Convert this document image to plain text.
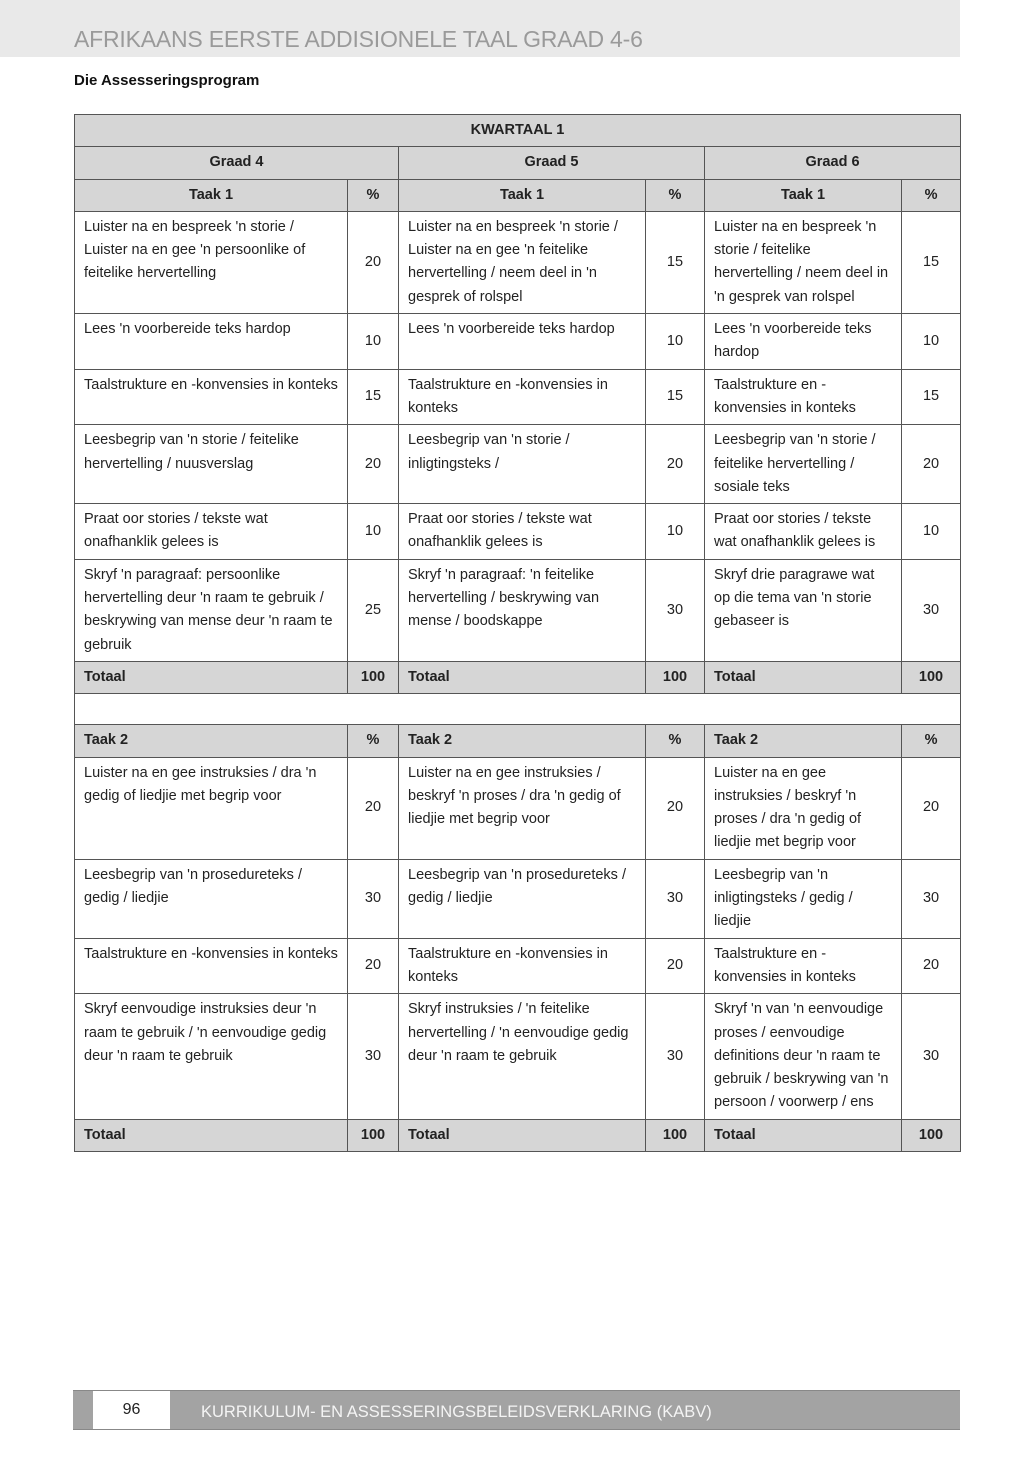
AFRIKAANS EERSTE ADDISIONELE TAAL GRAAD 4-6
Die Assesseringsprogram
KWARTAAL 1					
Graad 4		Graad 5		Graad 6	
Taak 1	%	Taak 1	%	Taak 1	%
Luister na en bespreek 'n storie / Luister na en gee 'n persoonlike of feitelike hervertelling	20	Luister na en bespreek 'n storie / Luister na en gee 'n feitelike hervertelling / neem deel in 'n gesprek of rolspel	15	Luister na en bespreek 'n storie / feitelike hervertelling / neem deel in 'n gesprek van rolspel	15
Lees 'n voorbereide teks hardop	10	Lees 'n voorbereide teks hardop	10	Lees 'n voorbereide teks hardop	10
Taalstrukture en -konvensies in konteks	15	Taalstrukture en -konvensies in konteks	15	Taalstrukture en -konvensies in konteks	15
Leesbegrip van 'n storie / feitelike hervertelling / nuusverslag	20	Leesbegrip van 'n storie / inligtingsteks /	20	Leesbegrip van 'n storie / feitelike hervertelling / sosiale teks	20
Praat oor stories / tekste wat onafhanklik gelees is	10	Praat oor stories / tekste wat onafhanklik gelees is	10	Praat oor stories / tekste wat onafhanklik gelees is	10
Skryf 'n paragraaf: persoonlike hervertelling deur 'n raam te gebruik / beskrywing van mense deur 'n raam te gebruik	25	Skryf 'n paragraaf: 'n feitelike hervertelling / beskrywing van mense / boodskappe	30	Skryf drie paragrawe wat op die tema van 'n storie gebaseer is	30
Totaal	100	Totaal	100	Totaal	100

Taak 2	%	Taak 2	%	Taak 2	%
Luister na en gee instruksies / dra 'n gedig of liedjie met begrip voor	20	Luister na en gee instruksies / beskryf 'n proses / dra 'n gedig of liedjie met begrip voor	20	Luister na en gee instruksies / beskryf 'n proses / dra 'n gedig of liedjie met begrip voor	20
Leesbegrip van 'n prosedureteks / gedig / liedjie	30	Leesbegrip van 'n prosedureteks / gedig / liedjie	30	Leesbegrip van 'n inligtingsteks / gedig / liedjie	30
Taalstrukture en -konvensies in konteks	20	Taalstrukture en -konvensies in konteks	20	Taalstrukture en -konvensies in konteks	20
Skryf eenvoudige instruksies deur 'n raam te gebruik / 'n eenvoudige gedig deur 'n raam te gebruik	30	Skryf instruksies / 'n feitelike hervertelling / 'n eenvoudige gedig deur 'n raam te gebruik	30	Skryf 'n van 'n eenvoudige proses / eenvoudige definitions deur 'n raam te gebruik / beskrywing van 'n persoon / voorwerp / ens	30
Totaal	100	Totaal	100	Totaal	100
96	KURRIKULUM- EN ASSESSERINGSBELEIDSVERKLARING (KABV)
